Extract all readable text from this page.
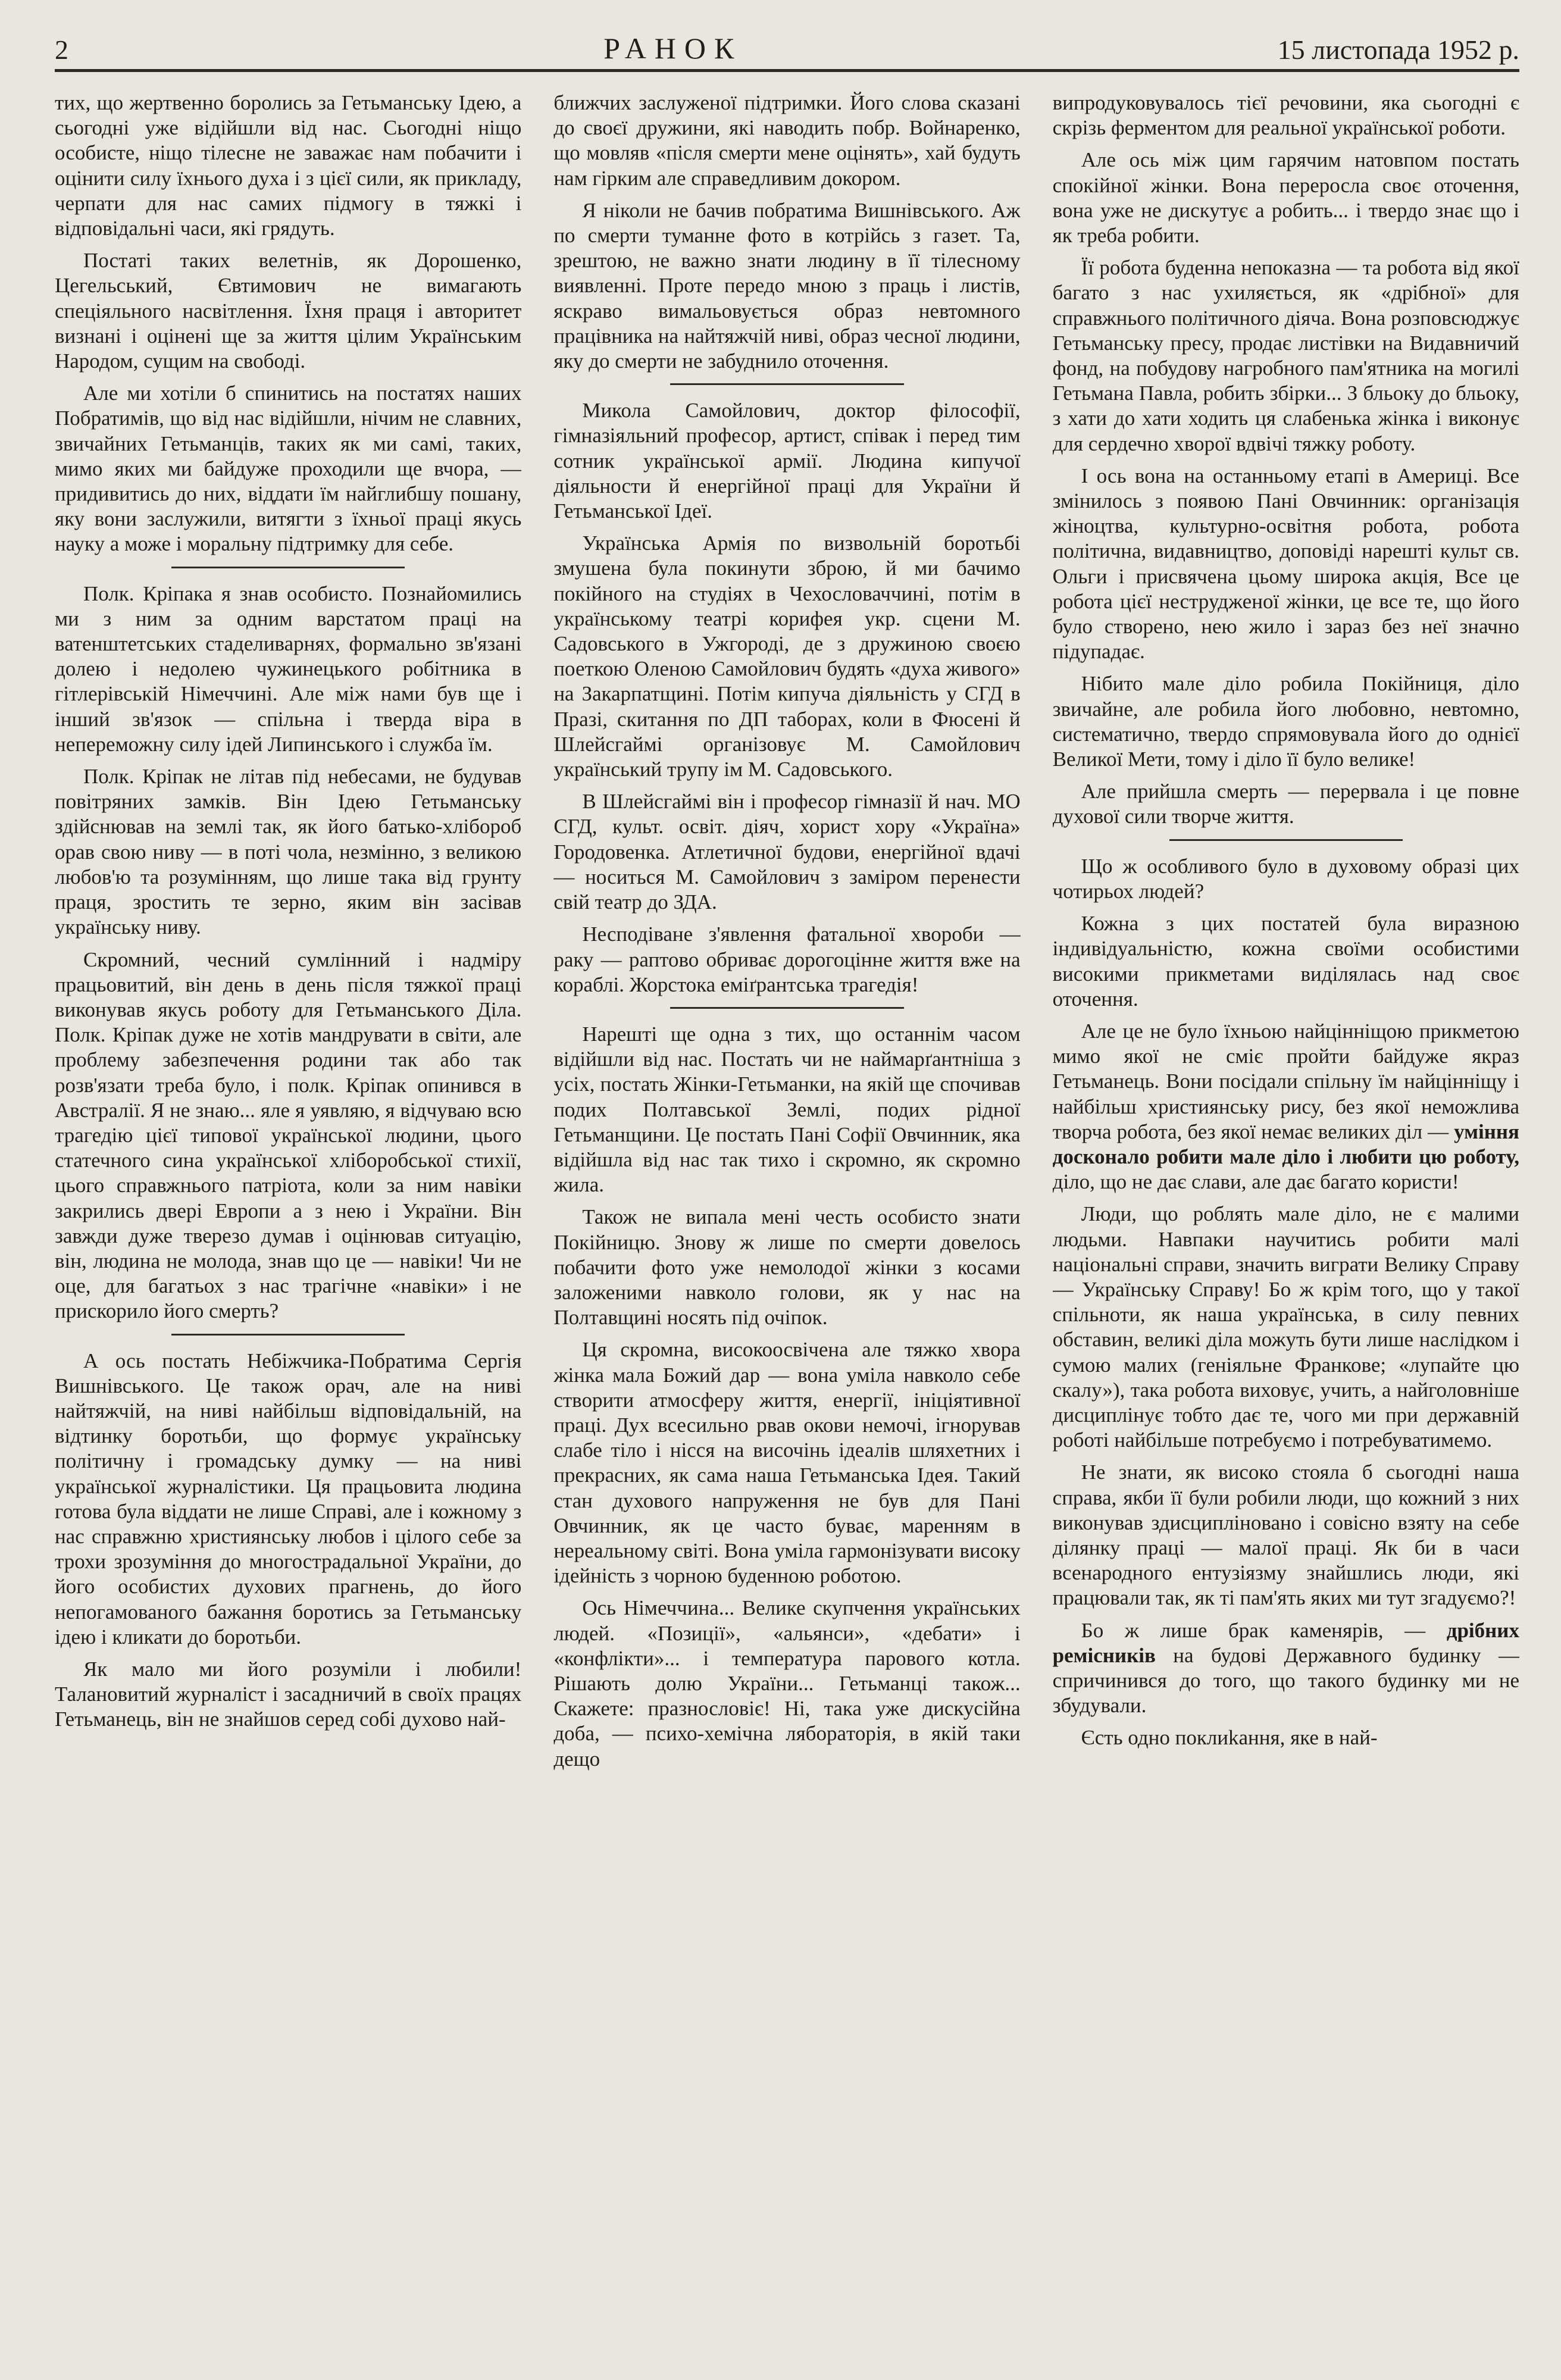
2	РАНОК	15 листопада 1952 р.

тих, що жертвенно боролись за Гетьманську Ідею, а сьогодні уже відійшли від нас. Сьогодні ніщо особисте, ніщо тілесне не заважає нам побачити і оцінити силу їхнього духа і з цієї сили, як прикладу, черпати для нас самих підмогу в тяжкі і відповідальні часи, які грядуть.

Постаті таких велетнів, як Дорошенко, Цегельський, Євтимович не вимагають спеціяльного насвітлення. Їхня праця і авторитет визнані і оцінені ще за життя цілим Українським Народом, сущим на свободі.

Але ми хотіли б спинитись на постатях наших Побратимів, що від нас відійшли, нічим не славних, звичайних Гетьманців, таких як ми самі, таких, мимо яких ми байдуже проходили ще вчора, — придивитись до них, віддати їм найглибшу пошану, яку вони заслужили, витягти з їхньої праці якусь науку а може і моральну підтримку для себе.

Полк. Кріпака я знав особисто. Познайомились ми з ним за одним варстатом праці на ватенштетських стаделиварнях, формально зв'язані долею і недолею чужинецького робітника в гітлерівській Німеччині. Але між нами був ще і інший зв'язок — спільна і тверда віра в непереможну силу ідей Липинського і служба їм.

Полк. Кріпак не літав під небесами, не будував повітряних замків. Він Ідею Гетьманську здійснював на землі так, як його батько-хлібороб орав свою ниву — в поті чола, незмінно, з великою любов'ю та розумінням, що лише така від грунту праця, зростить те зерно, яким він засівав українську ниву.

Скромний, чесний сумлінний і надміру працьовитий, він день в день після тяжкої праці виконував якусь роботу для Гетьманського Діла. Полк. Кріпак дуже не хотів мандрувати в світи, але проблему забезпечення родини так або так розв'язати треба було, і полк. Кріпак опинився в Австралії. Я не знаю... яле я уявляю, я відчуваю всю трагедію цієї типової української людини, цього статечного сина української хліборобської стихії, цього справжнього патріота, коли за ним навіки закрились двері Европи а з нею і України. Він завжди дуже тверезо думав і оцінював ситуацію, він, людина не молода, знав що це — навіки! Чи не оце, для багатьох з нас трагічне «навіки» і не прискорило його смерть?

А ось постать Небіжчика-Побратима Сергія Вишнівського. Це також орач, але на ниві найтяжчій, на ниві найбільш відповідальній, на відтинку боротьби, що формує українську політичну і громадську думку — на ниві української журналістики. Ця працьовита людина готова була віддати не лише Справі, але і кожному з нас справжню християнську любов і цілого себе за трохи зрозуміння до многострадальної України, до його особистих духових прагнень, до його непогамованого бажання боротись за Гетьманську ідею і кликати до боротьби.

Як мало ми його розуміли і любили! Талановитий журналіст і засадничий в своїх працях Гетьманець, він не знайшов серед собі духово най-

ближчих заслуженої підтримки. Його слова сказані до своєї дружини, які наводить побр. Войнаренко, що мовляв «після смерти мене оцінять», хай будуть нам гірким але справедливим докором.

Я ніколи не бачив побратима Вишнівського. Аж по смерти туманне фото в котрійсь з газет. Та, зрештою, не важно знати людину в її тілесному виявленні. Проте передо мною з праць і листів, яскраво вимальовується образ невтомного працівника на найтяжчій ниві, образ чесної людини, яку до смерти не забуднило оточення.

Микола Самойлович, доктор філософії, гімназіяльний професор, артист, співак і перед тим сотник української армії. Людина кипучої діяльности й енергійної праці для України й Гетьманської Ідеї.

Українська Армія по визвольній боротьбі змушена була покинути зброю, й ми бачимо покійного на студіях в Чехословаччині, потім в українському театрі корифея укр. сцени М. Садовського в Ужгороді, де з дружиною своєю поеткою Оленою Самойлович будять «духа живого» на Закарпатщині. Потім кипуча діяльність у СГД в Празі, скитання по ДП таборах, коли в Фюсені й Шлейсгаймі організовує М. Самойлович український трупу ім М. Садовського.

В Шлейсгаймі він і професор гімназії й нач. МО СГД, культ. освіт. діяч, хорист хору «Україна» Городовенка. Атлетичної будови, енергійної вдачі — носиться М. Самойлович з заміром перенести свій театр до ЗДА.

Несподіване з'явлення фатальної хвороби — раку — раптово обриває дорогоцінне життя вже на кораблі. Жорстока еміґрантська трагедія!

Нарешті ще одна з тих, що останнім часом відійшли від нас. Постать чи не наймарґантніша з усіх, постать Жінки-Гетьманки, на якій ще спочивав подих Полтавської Землі, подих рідної Гетьманщини. Це постать Пані Софії Овчинник, яка відійшла від нас так тихо і скромно, як скромно жила.

Також не випала мені честь особисто знати Покійницю. Знову ж лише по смерти довелось побачити фото уже немолодої жінки з косами заложеними навколо голови, як у нас на Полтавщині носять під очіпок.

Ця скромна, високоосвічена але тяжко хвора жінка мала Божий дар — вона уміла навколо себе створити атмосферу життя, енергії, ініціятивної праці. Дух всесильно рвав окови немочі, ігнорував слабе тіло і нісся на височінь ідеалів шляхетних і прекрасних, як сама нашa Гетьманська Ідея. Такий стан духового напруження не був для Пані Овчинник, як це часто буває, маренням в нереальному світі. Вона уміла гармонізувати високу ідейність з чорною буденною роботою.

Ось Німеччина... Велике скупчення українських людей. «Позиції», «альянси», «дебати» і «конфлікти»... і температура парового котла. Рішають долю України... Гетьманці також... Скажете: празнословіє! Ні, така уже дискусійна доба, — психо-хемічна ляборaторія, в якій таки дещо

випродуковувалось тієї речовини, яка сьогодні є скрізь ферментом для реальної української роботи.

Але ось між цим гарячим натовпом постать спокійної жінки. Вона переросла своє оточення, вона уже не дискутує а робить... і твердо знає що і як треба робити.

Її робота буденна непоказна — та робота від якої багато з нас ухиляється, як «дрібної» для справжнього політичного діяча. Вона розповсюджує Гетьманську пресу, продає листівки на Видавничий фонд, на побудову нагробного пам'ятника на могилі Гетьмана Павла, робить збірки... З бльоку до бльоку, з хати до хати ходить ця слабенька жінка і виконує для сердечно хворої вдвічі тяжку роботу.

І ось вона на останньому етапі в Америці. Все змінилось з появою Пані Овчинник: організація жіноцтва, культурно-освітня робота, робота політична, видавництво, доповіді нарешті культ св. Ольги і присвячена цьому широка акція, Все це робота цієї неструдженої жінки, це все те, що його було створено, нею жило і зараз без неї значно підупадає.

Нібито мале діло робила Покійниця, діло звичайне, але робила його любовно, невтомно, систематично, твердо спрямовувала його до однієї Великої Мети, тому і діло її було велике!

Але прийшла смерть — перервала і це повне духової сили творче життя.

Що ж особливого було в духовому образі цих чотирьох людей?

Кожна з цих постатей була виразною індивідуальністю, кожна своїми особистими високими прикметами виділялась над своє оточення.

Але це не було їхньою найцінніщою прикметою мимо якої не сміє пройти байдуже якраз Гетьманець. Вони посідали спільну їм найцінніщу і найбільш християнську рису, без якої неможлива творча робота, без якої немає великих діл — уміння досконало робити мале діло і любити цю роботу, діло, що не дає слави, але дає багато користи!

Люди, що роблять мале діло, не є малими людьми. Навпаки научитись робити малі національні справи, значить виграти Велику Справу — Українську Справу! Бо ж крім того, що у такої спільноти, як наша українська, в силу певних обставин, великі діла можуть бути лише наслідком і сумою малих (геніяльне Франкове; «лупайте цю скалу»), така роботa виховує, учить, а найголовніше дисциплінує тобто дає те, чого ми при державній роботі найбільше потребуємо і потребуватимемо.

Не знати, як високо стояла б сьогодні наша справа, якби її були робили люди, що кожний з них виконував здисципліновано і совісно взяту на себе ділянку праці — малої праці. Як би в часи всенародного ентузіязму знайшлись люди, які працювали так, як ті пам'ять яких ми тут згадуємо?!

Бо ж лише брак каменярів, — дрібних ремісників на будові Державного будинку — спричинився до того, що такого будинку ми не збудували.

Єсть одно поклиkання, яке в най-
